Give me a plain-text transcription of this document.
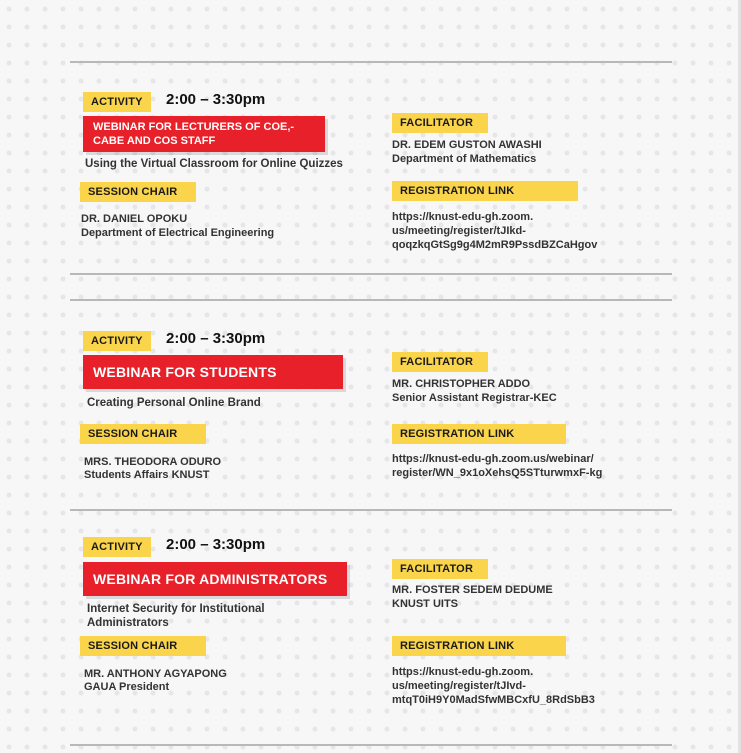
ACTIVITY	2:00 – 3:30pm
WEBINAR FOR LECTURERS OF COE,-
CABE AND COS STAFF
Using the Virtual Classroom for Online Quizzes
SESSION CHAIR
DR. DANIEL OPOKU
Department of Electrical Engineering
FACILITATOR
DR. EDEM GUSTON AWASHI
Department of Mathematics
REGISTRATION LINK
https://knust-edu-gh.zoom.
us/meeting/register/tJIkd-
qoqzkqGtSg9g4M2mR9PssdBZCaHgov
ACTIVITY	2:00 – 3:30pm
WEBINAR FOR STUDENTS
Creating Personal Online Brand
SESSION CHAIR
MRS. THEODORA ODURO
Students Affairs KNUST
FACILITATOR
MR. CHRISTOPHER ADDO
Senior Assistant Registrar-KEC
REGISTRATION LINK
https://knust-edu-gh.zoom.us/webinar/
register/WN_9x1oXehsQ5STturwmxF-kg
ACTIVITY	2:00 – 3:30pm
WEBINAR FOR ADMINISTRATORS
Internet Security for Institutional
Administrators
SESSION CHAIR
MR. ANTHONY AGYAPONG
GAUA President
FACILITATOR
MR. FOSTER SEDEM DEDUME
KNUST UITS
REGISTRATION LINK
https://knust-edu-gh.zoom.
us/meeting/register/tJIvd-
mtqT0iH9Y0MadSfwMBCxfU_8RdSbB3
